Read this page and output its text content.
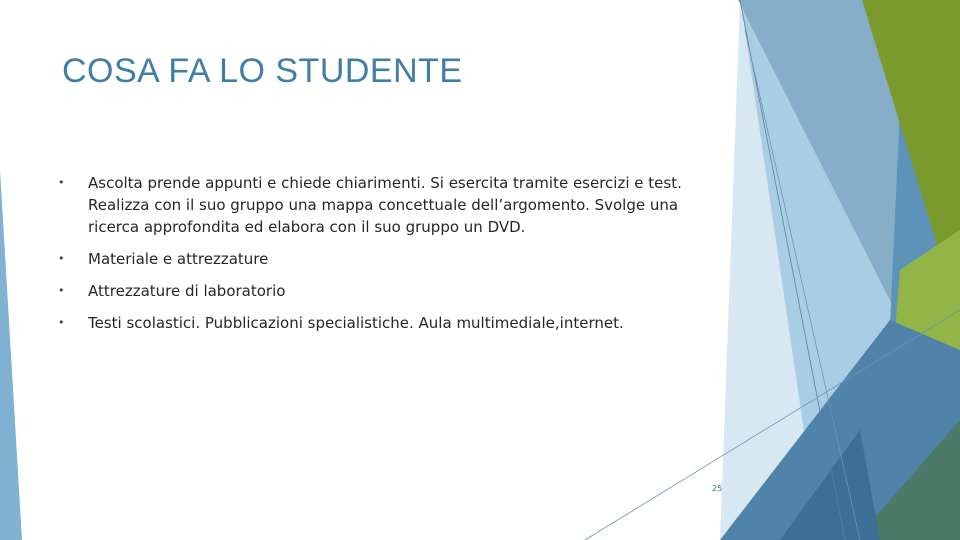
COSA FA LO STUDENTE
• Ascolta prende appunti e chiede chiarimenti. Si esercita tramite esercizi e test. Realizza con il suo gruppo una mappa concettuale dell’argomento. Svolge una ricerca approfondita ed elabora con il suo gruppo un DVD.
• Materiale e attrezzature
• Attrezzature di laboratorio
• Testi scolastici. Pubblicazioni specialistiche. Aula multimediale,internet.
25
